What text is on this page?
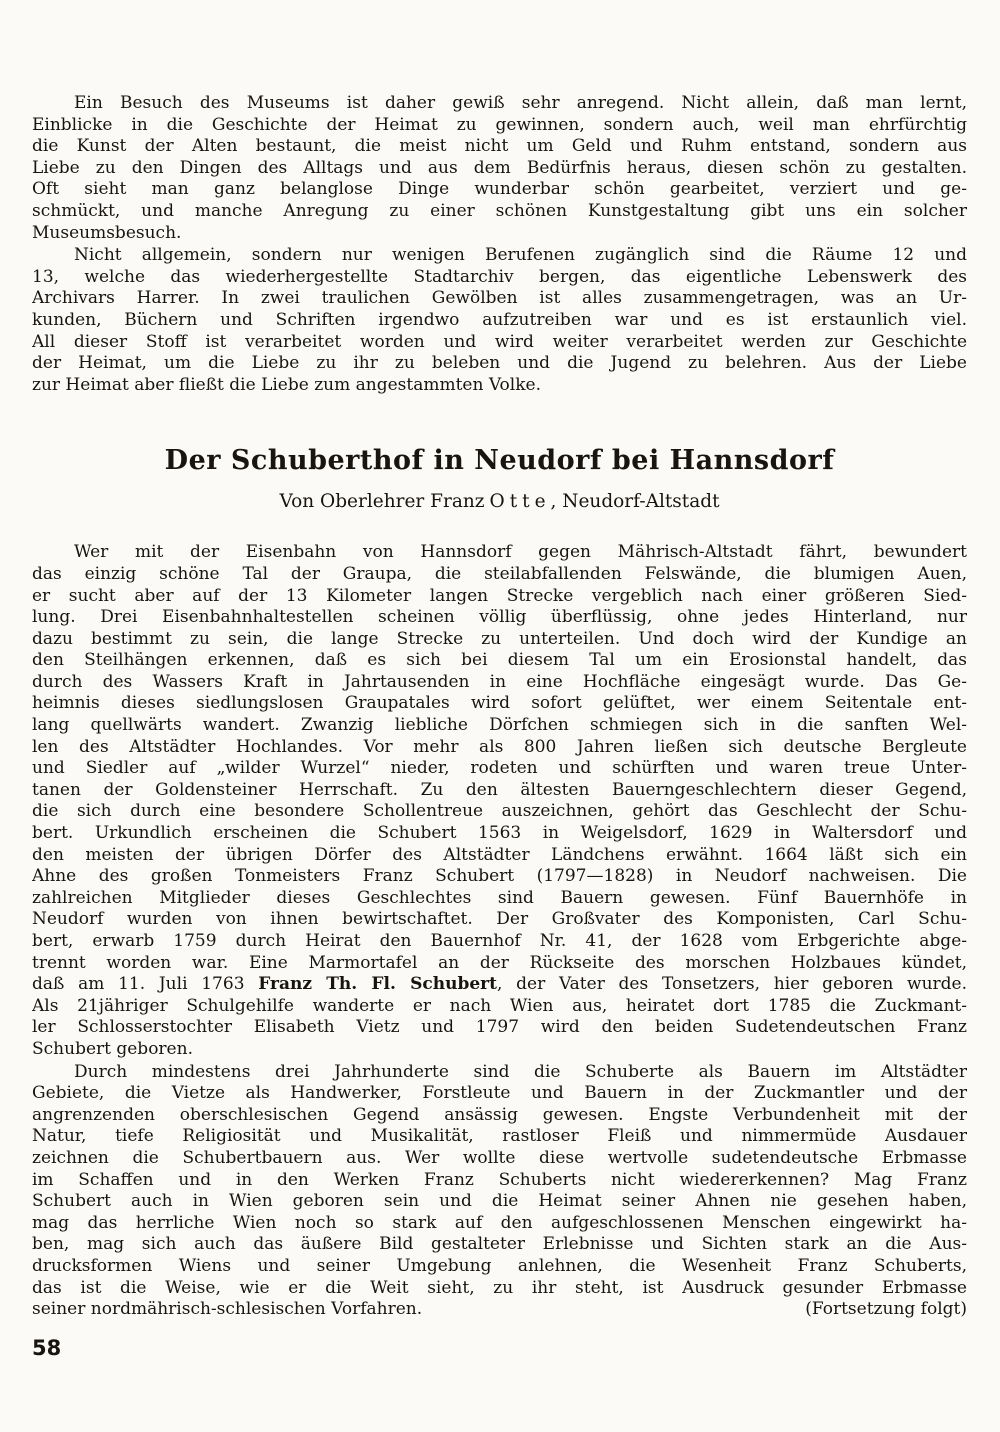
Ein Besuch des Museums ist daher gewiß sehr anregend. Nicht allein, daß man lernt,
Einblicke in die Geschichte der Heimat zu gewinnen, sondern auch, weil man ehrfürchtig
die Kunst der Alten bestaunt, die meist nicht um Geld und Ruhm entstand, sondern aus
Liebe zu den Dingen des Alltags und aus dem Bedürfnis heraus, diesen schön zu gestalten.
Oft sieht man ganz belanglose Dinge wunderbar schön gearbeitet, verziert und ge-
schmückt, und manche Anregung zu einer schönen Kunstgestaltung gibt uns ein solcher
Museumsbesuch.
Nicht allgemein, sondern nur wenigen Berufenen zugänglich sind die Räume 12 und
13, welche das wiederhergestellte Stadtarchiv bergen, das eigentliche Lebenswerk des
Archivars Harrer. In zwei traulichen Gewölben ist alles zusammengetragen, was an Ur-
kunden, Büchern und Schriften irgendwo aufzutreiben war und es ist erstaunlich viel.
All dieser Stoff ist verarbeitet worden und wird weiter verarbeitet werden zur Geschichte
der Heimat, um die Liebe zu ihr zu beleben und die Jugend zu belehren. Aus der Liebe
zur Heimat aber fließt die Liebe zum angestammten Volke.
Der Schuberthof in Neudorf bei Hannsdorf
Von Oberlehrer Franz Otte, Neudorf-Altstadt
Wer mit der Eisenbahn von Hannsdorf gegen Mährisch-Altstadt fährt, bewundert
das einzig schöne Tal der Graupa, die steilabfallenden Felswände, die blumigen Auen,
er sucht aber auf der 13 Kilometer langen Strecke vergeblich nach einer größeren Sied-
lung. Drei Eisenbahnhaltestellen scheinen völlig überflüssig, ohne jedes Hinterland, nur
dazu bestimmt zu sein, die lange Strecke zu unterteilen. Und doch wird der Kundige an
den Steilhängen erkennen, daß es sich bei diesem Tal um ein Erosionstal handelt, das
durch des Wassers Kraft in Jahrtausenden in eine Hochfläche eingesägt wurde. Das Ge-
heimnis dieses siedlungslosen Graupatales wird sofort gelüftet, wer einem Seitentale ent-
lang quellwärts wandert. Zwanzig liebliche Dörfchen schmiegen sich in die sanften Wel-
len des Altstädter Hochlandes. Vor mehr als 800 Jahren ließen sich deutsche Bergleute
und Siedler auf „wilder Wurzel“ nieder, rodeten und schürften und waren treue Unter-
tanen der Goldensteiner Herrschaft. Zu den ältesten Bauerngeschlechtern dieser Gegend,
die sich durch eine besondere Schollentreue auszeichnen, gehört das Geschlecht der Schu-
bert. Urkundlich erscheinen die Schubert 1563 in Weigelsdorf, 1629 in Waltersdorf und
den meisten der übrigen Dörfer des Altstädter Ländchens erwähnt. 1664 läßt sich ein
Ahne des großen Tonmeisters Franz Schubert (1797—1828) in Neudorf nachweisen. Die
zahlreichen Mitglieder dieses Geschlechtes sind Bauern gewesen. Fünf Bauernhöfe in
Neudorf wurden von ihnen bewirtschaftet. Der Großvater des Komponisten, Carl Schu-
bert, erwarb 1759 durch Heirat den Bauernhof Nr. 41, der 1628 vom Erbgerichte abge-
trennt worden war. Eine Marmortafel an der Rückseite des morschen Holzbaues kündet,
daß am 11. Juli 1763 Franz Th. Fl. Schubert, der Vater des Tonsetzers, hier geboren wurde.
Als 21jähriger Schulgehilfe wanderte er nach Wien aus, heiratet dort 1785 die Zuckmant-
ler Schlosserstochter Elisabeth Vietz und 1797 wird den beiden Sudetendeutschen Franz
Schubert geboren.
Durch mindestens drei Jahrhunderte sind die Schuberte als Bauern im Altstädter
Gebiete, die Vietze als Handwerker, Forstleute und Bauern in der Zuckmantler und der
angrenzenden oberschlesischen Gegend ansässig gewesen. Engste Verbundenheit mit der
Natur, tiefe Religiosität und Musikalität, rastloser Fleiß und nimmermüde Ausdauer
zeichnen die Schubertbauern aus. Wer wollte diese wertvolle sudetendeutsche Erbmasse
im Schaffen und in den Werken Franz Schuberts nicht wiedererkennen? Mag Franz
Schubert auch in Wien geboren sein und die Heimat seiner Ahnen nie gesehen haben,
mag das herrliche Wien noch so stark auf den aufgeschlossenen Menschen eingewirkt ha-
ben, mag sich auch das äußere Bild gestalteter Erlebnisse und Sichten stark an die Aus-
drucksformen Wiens und seiner Umgebung anlehnen, die Wesenheit Franz Schuberts,
das ist die Weise, wie er die Weit sieht, zu ihr steht, ist Ausdruck gesunder Erbmasse
seiner nordmährisch-schlesischen Vorfahren.	(Fortsetzung folgt)
58
